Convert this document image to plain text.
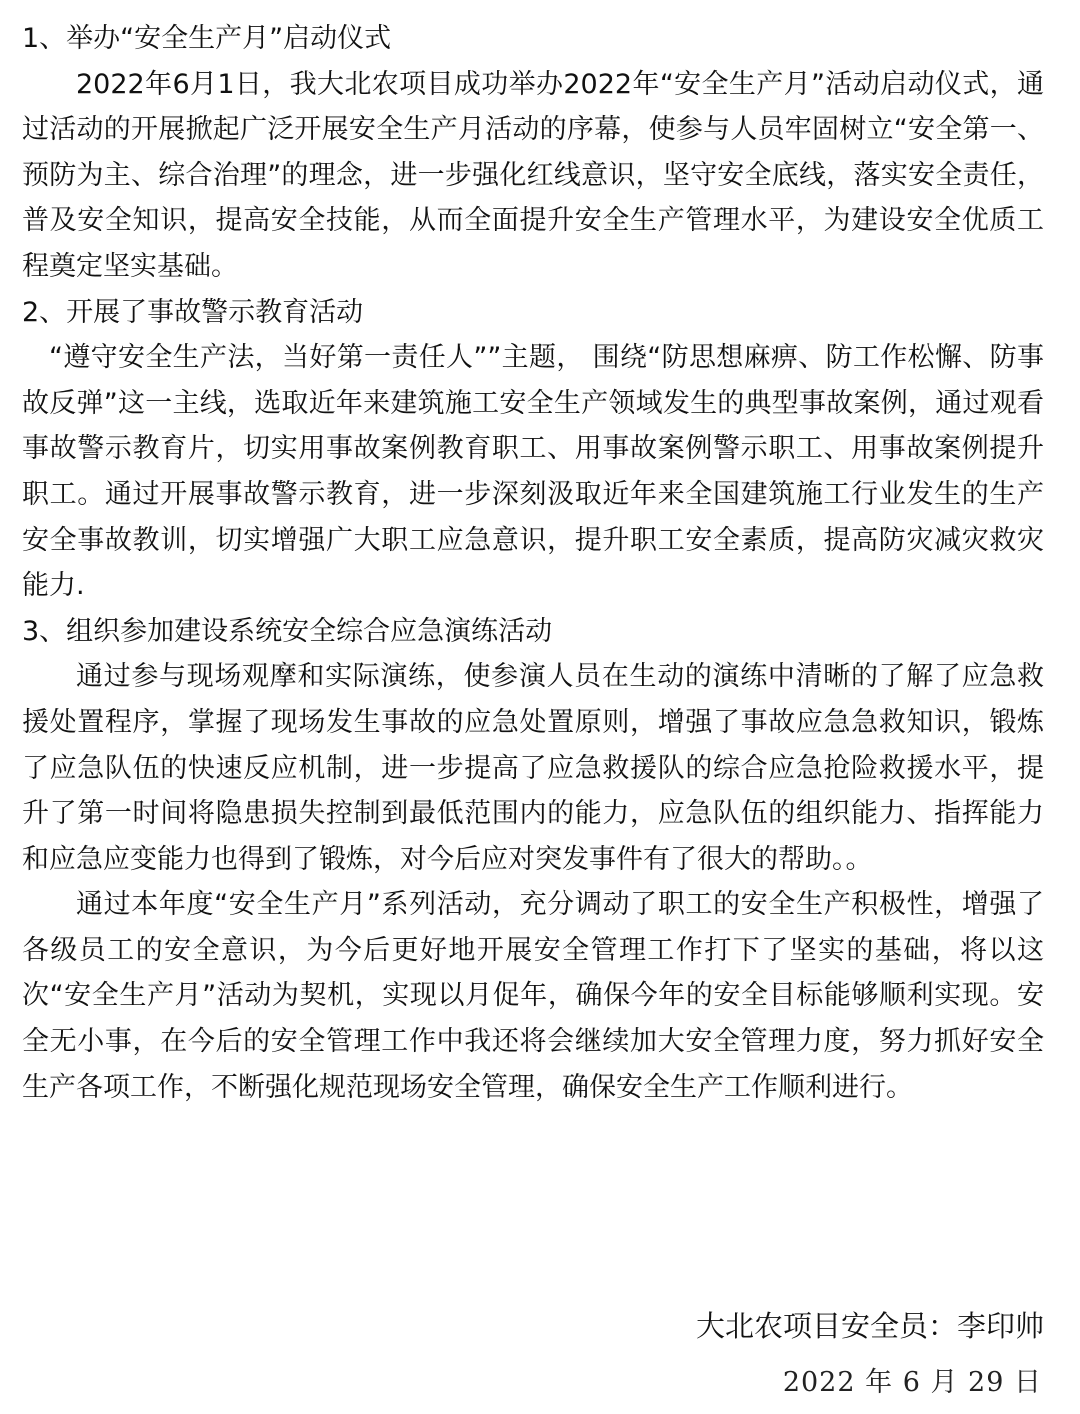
1、举办“安全生产月”启动仪式

2022年6月1日，我大北农项目成功举办2022年“安全生产月”活动启动仪式，通过活动的开展掀起广泛开展安全生产月活动的序幕，使参与人员牢固树立“安全第一、预防为主、综合治理”的理念，进一步强化红线意识，坚守安全底线，落实安全责任，普及安全知识，提高安全技能，从而全面提升安全生产管理水平，为建设安全优质工程奠定坚实基础。

2、开展了事故警示教育活动

“遵守安全生产法，当好第一责任人””主题， 围绕“防思想麻痹、防工作松懈、防事故反弹”这一主线，选取近年来建筑施工安全生产领域发生的典型事故案例，通过观看事故警示教育片，切实用事故案例教育职工、用事故案例警示职工、用事故案例提升职工。通过开展事故警示教育，进一步深刻汲取近年来全国建筑施工行业发生的生产安全事故教训，切实增强广大职工应急意识，提升职工安全素质，提高防灾减灾救灾能力.

3、组织参加建设系统安全综合应急演练活动

通过参与现场观摩和实际演练，使参演人员在生动的演练中清晰的了解了应急救援处置程序，掌握了现场发生事故的应急处置原则，增强了事故应急急救知识，锻炼了应急队伍的快速反应机制，进一步提高了应急救援队的综合应急抢险救援水平，提升了第一时间将隐患损失控制到最低范围内的能力，应急队伍的组织能力、指挥能力和应急应变能力也得到了锻炼，对今后应对突发事件有了很大的帮助。。

通过本年度“安全生产月”系列活动，充分调动了职工的安全生产积极性，增强了各级员工的安全意识，为今后更好地开展安全管理工作打下了坚实的基础，将以这次“安全生产月”活动为契机，实现以月促年，确保今年的安全目标能够顺利实现。安全无小事，在今后的安全管理工作中我还将会继续加大安全管理力度，努力抓好安全生产各项工作，不断强化规范现场安全管理，确保安全生产工作顺利进行。

大北农项目安全员：李印帅
2022 年 6 月 29 日
